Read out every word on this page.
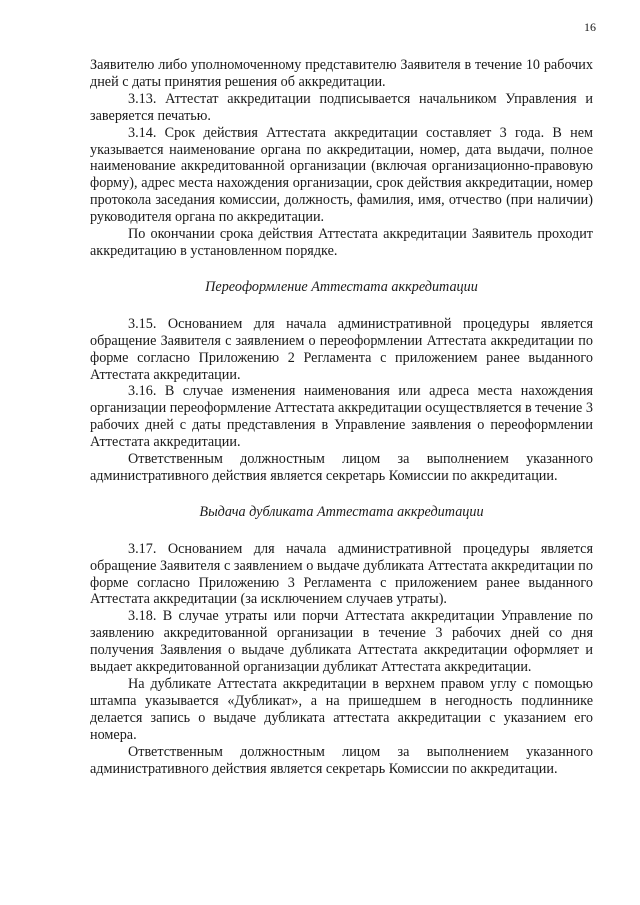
16

Заявителю либо уполномоченному представителю Заявителя в течение 10 рабочих дней с даты принятия решения об аккредитации.

3.13. Аттестат аккредитации подписывается начальником Управления и заверяется печатью.

3.14. Срок действия Аттестата аккредитации составляет 3 года. В нем указывается наименование органа по аккредитации, номер, дата выдачи, полное наименование аккредитованной организации (включая организационно-правовую форму), адрес места нахождения организации, срок действия аккредитации, номер протокола заседания комиссии, должность, фамилия, имя, отчество (при наличии) руководителя органа по аккредитации.

По окончании срока действия Аттестата аккредитации Заявитель проходит аккредитацию в установленном порядке.

Переоформление Аттестата аккредитации

3.15. Основанием для начала административной процедуры является обращение Заявителя с заявлением о переоформлении Аттестата аккредитации по форме согласно Приложению 2 Регламента с приложением ранее выданного Аттестата аккредитации.

3.16. В случае изменения наименования или адреса места нахождения организации переоформление Аттестата аккредитации осуществляется в течение 3 рабочих дней с даты представления в Управление заявления о переоформлении Аттестата аккредитации.

Ответственным должностным лицом за выполнением указанного административного действия является секретарь Комиссии по аккредитации.

Выдача дубликата Аттестата аккредитации

3.17. Основанием для начала административной процедуры является обращение Заявителя с заявлением о выдаче дубликата Аттестата аккредитации по форме согласно Приложению 3 Регламента с приложением ранее выданного Аттестата аккредитации (за исключением случаев утраты).

3.18. В случае утраты или порчи Аттестата аккредитации Управление по заявлению аккредитованной организации в течение 3 рабочих дней со дня получения Заявления о выдаче дубликата Аттестата аккредитации оформляет и выдает аккредитованной организации дубликат Аттестата аккредитации.

На дубликате Аттестата аккредитации в верхнем правом углу с помощью штампа указывается «Дубликат», а на пришедшем в негодность подлиннике делается запись о выдаче дубликата аттестата аккредитации с указанием его номера.

Ответственным должностным лицом за выполнением указанного административного действия является секретарь Комиссии по аккредитации.
